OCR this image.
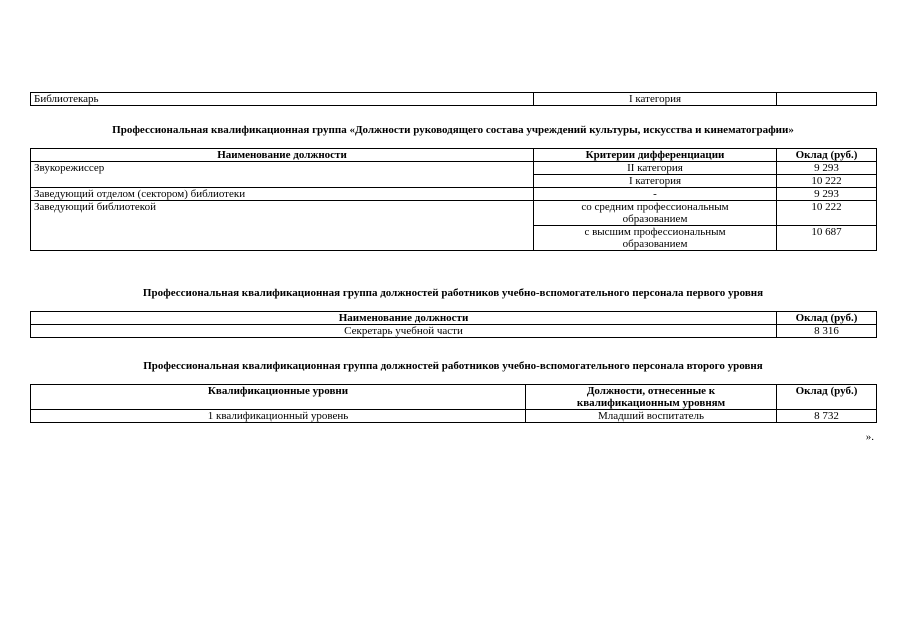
Библиотекарь	I категория	
Профессиональная квалификационная группа «Должности руководящего состава учреждений культуры, искусства и кинематографии»
Наименование должности	Критерии дифференциации	Оклад (руб.)
Звукорежиссер	II категория	9 293
	I категория	10 222
Заведующий отделом (сектором) библиотеки	-	9 293
Заведующий библиотекой	со средним профессиональным образованием	10 222
	с высшим профессиональным образованием	10 687
Профессиональная квалификационная группа должностей работников учебно-вспомогательного персонала первого уровня
Наименование должности	Оклад (руб.)
Секретарь учебной части	8 316
Профессиональная квалификационная группа должностей работников учебно-вспомогательного персонала второго уровня
Квалификационные уровни	Должности, отнесенные к квалификационным уровням	Оклад (руб.)
1 квалификационный уровень	Младший воспитатель	8 732
».
